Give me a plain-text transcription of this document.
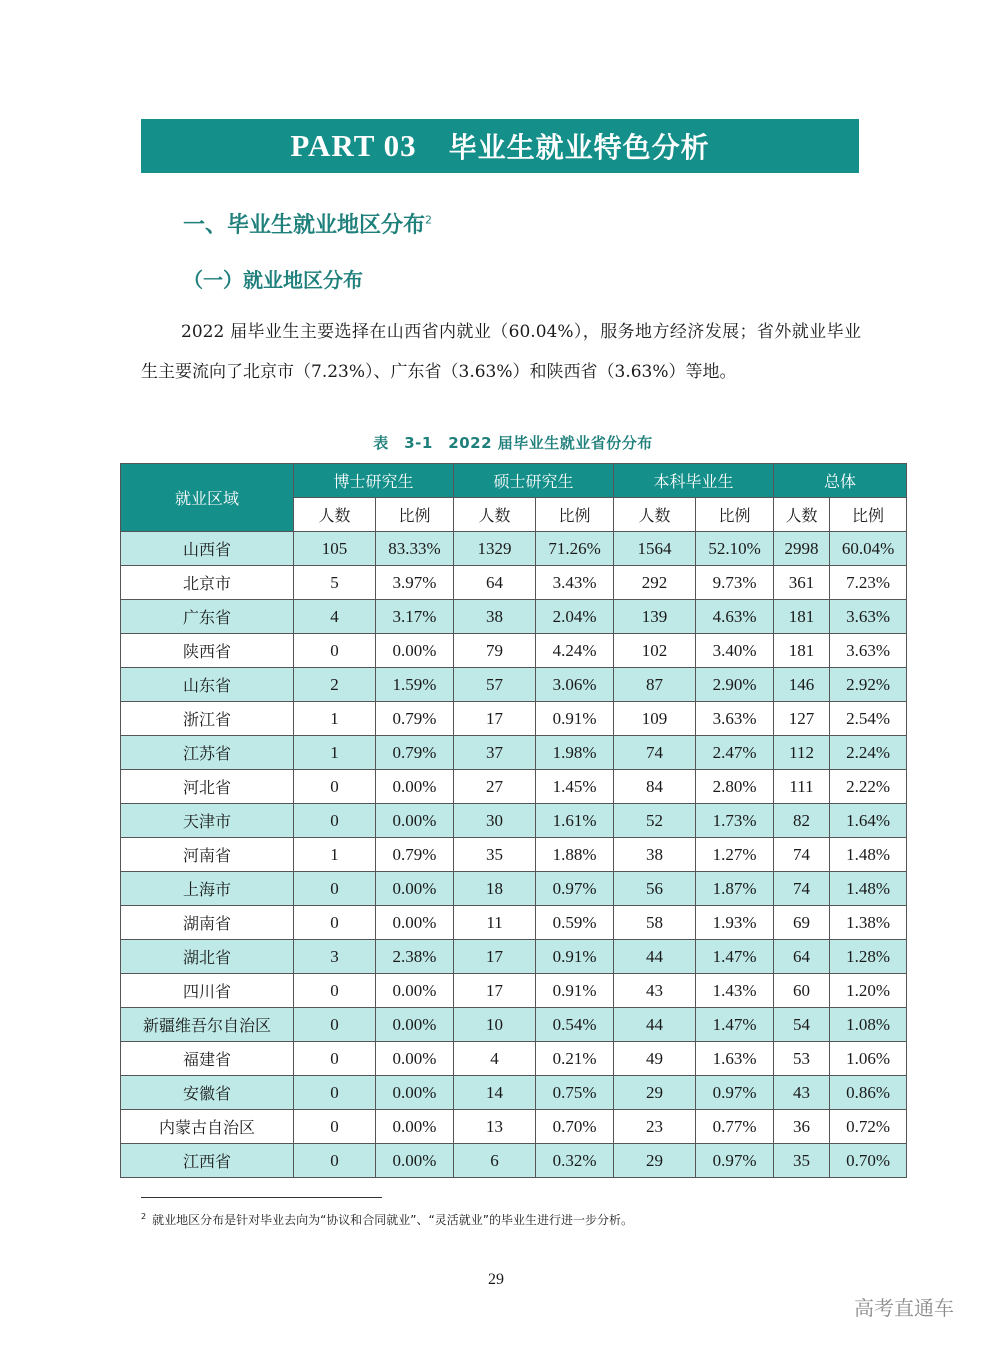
PART 03 毕业生就业特色分析
一、毕业生就业地区分布$^2$
（一）就业地区分布

2022 届毕业生主要选择在山西省内就业（60.04%），服务地方经济发展；省外就业毕业生主要流向了北京市（7.23%）、广东省（3.63%）和陕西省（3.63%）等地。

表　3-1　2022 届毕业生就业省份分布
就业区域	博士研究生		硕士研究生		本科毕业生		总体	
	人数	比例	人数	比例	人数	比例	人数	比例
山西省	105	83.33%	1329	71.26%	1564	52.10%	2998	60.04%
北京市	5	3.97%	64	3.43%	292	9.73%	361	7.23%
广东省	4	3.17%	38	2.04%	139	4.63%	181	3.63%
陕西省	0	0.00%	79	4.24%	102	3.40%	181	3.63%
山东省	2	1.59%	57	3.06%	87	2.90%	146	2.92%
浙江省	1	0.79%	17	0.91%	109	3.63%	127	2.54%
江苏省	1	0.79%	37	1.98%	74	2.47%	112	2.24%
河北省	0	0.00%	27	1.45%	84	2.80%	111	2.22%
天津市	0	0.00%	30	1.61%	52	1.73%	82	1.64%
河南省	1	0.79%	35	1.88%	38	1.27%	74	1.48%
上海市	0	0.00%	18	0.97%	56	1.87%	74	1.48%
湖南省	0	0.00%	11	0.59%	58	1.93%	69	1.38%
湖北省	3	2.38%	17	0.91%	44	1.47%	64	1.28%
四川省	0	0.00%	17	0.91%	43	1.43%	60	1.20%
新疆维吾尔自治区	0	0.00%	10	0.54%	44	1.47%	54	1.08%
福建省	0	0.00%	4	0.21%	49	1.63%	53	1.06%
安徽省	0	0.00%	14	0.75%	29	0.97%	43	0.86%
内蒙古自治区	0	0.00%	13	0.70%	23	0.77%	36	0.72%
江西省	0	0.00%	6	0.32%	29	0.97%	35	0.70%
$^2$ 就业地区分布是针对毕业去向为“协议和合同就业”、“灵活就业”的毕业生进行进一步分析。
29
高考直通车
